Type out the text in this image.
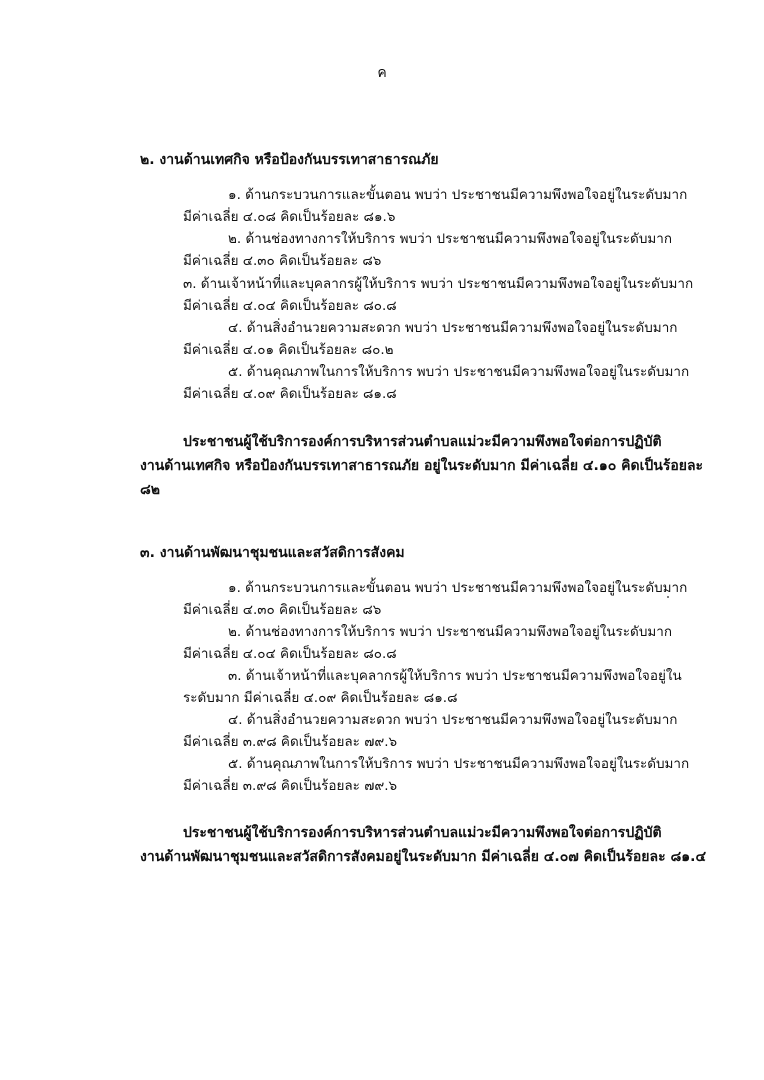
ค
๒. งานด้านเทศกิจ หรือป้องกันบรรเทาสาธารณภัย
๑. ด้านกระบวนการและขั้นตอน พบว่า ประชาชนมีความพึงพอใจอยู่ในระดับมาก
มีค่าเฉลี่ย ๔.๐๘ คิดเป็นร้อยละ ๘๑.๖
๒. ด้านช่องทางการให้บริการ พบว่า ประชาชนมีความพึงพอใจอยู่ในระดับมาก
มีค่าเฉลี่ย ๔.๓๐ คิดเป็นร้อยละ ๘๖
๓. ด้านเจ้าหน้าที่และบุคลากรผู้ให้บริการ พบว่า ประชาชนมีความพึงพอใจอยู่ในระดับมาก
มีค่าเฉลี่ย ๔.๐๔ คิดเป็นร้อยละ ๘๐.๘
๔. ด้านสิ่งอำนวยความสะดวก พบว่า ประชาชนมีความพึงพอใจอยู่ในระดับมาก
มีค่าเฉลี่ย ๔.๐๑ คิดเป็นร้อยละ ๘๐.๒
๕. ด้านคุณภาพในการให้บริการ พบว่า ประชาชนมีความพึงพอใจอยู่ในระดับมาก
มีค่าเฉลี่ย ๔.๐๙ คิดเป็นร้อยละ ๘๑.๘
ประชาชนผู้ใช้บริการองค์การบริหารส่วนตำบลแม่วะมีความพึงพอใจต่อการปฏิบัติ
งานด้านเทศกิจ หรือป้องกันบรรเทาสาธารณภัย อยู่ในระดับมาก มีค่าเฉลี่ย ๔.๑๐ คิดเป็นร้อยละ
๘๒
๓. งานด้านพัฒนาชุมชนและสวัสดิการสังคม
๑. ด้านกระบวนการและขั้นตอน พบว่า ประชาชนมีความพึงพอใจอยู่ในระดับมาก
มีค่าเฉลี่ย ๔.๓๐ คิดเป็นร้อยละ ๘๖
๒. ด้านช่องทางการให้บริการ พบว่า ประชาชนมีความพึงพอใจอยู่ในระดับมาก
มีค่าเฉลี่ย ๔.๐๔ คิดเป็นร้อยละ ๘๐.๘
๓. ด้านเจ้าหน้าที่และบุคลากรผู้ให้บริการ พบว่า ประชาชนมีความพึงพอใจอยู่ใน
ระดับมาก มีค่าเฉลี่ย ๔.๐๙ คิดเป็นร้อยละ ๘๑.๘
๔. ด้านสิ่งอำนวยความสะดวก พบว่า ประชาชนมีความพึงพอใจอยู่ในระดับมาก
มีค่าเฉลี่ย ๓.๙๘ คิดเป็นร้อยละ ๗๙.๖
๕. ด้านคุณภาพในการให้บริการ พบว่า ประชาชนมีความพึงพอใจอยู่ในระดับมาก
มีค่าเฉลี่ย ๓.๙๘ คิดเป็นร้อยละ ๗๙.๖
ประชาชนผู้ใช้บริการองค์การบริหารส่วนตำบลแม่วะมีความพึงพอใจต่อการปฏิบัติ
งานด้านพัฒนาชุมชนและสวัสดิการสังคมอยู่ในระดับมาก มีค่าเฉลี่ย ๔.๐๗ คิดเป็นร้อยละ ๘๑.๔
